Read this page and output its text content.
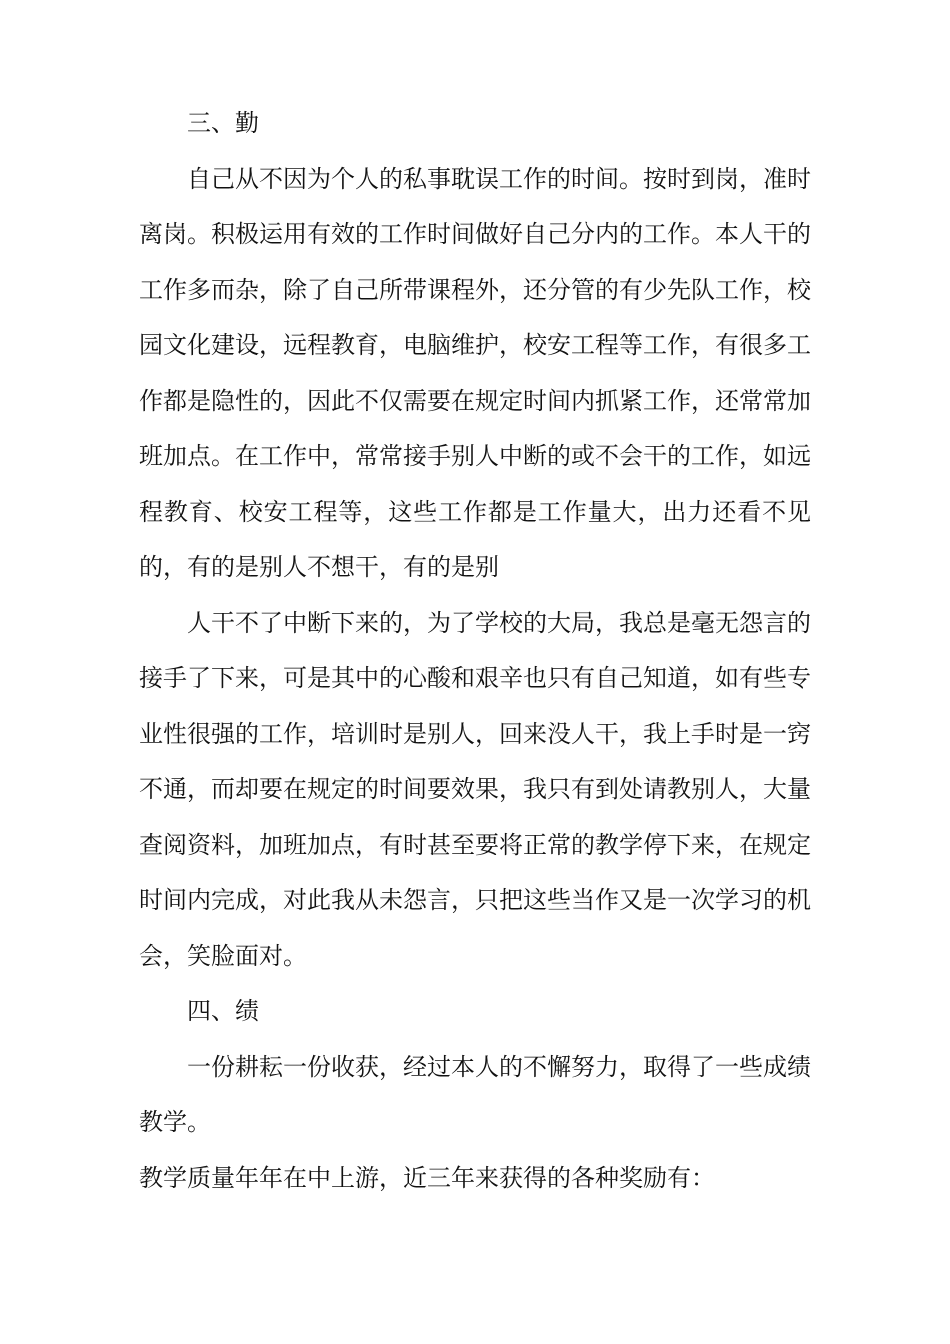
三、勤

自己从不因为个人的私事耽误工作的时间。按时到岗，准时离岗。积极运用有效的工作时间做好自己分内的工作。本人干的工作多而杂，除了自己所带课程外，还分管的有少先队工作，校园文化建设，远程教育，电脑维护，校安工程等工作，有很多工作都是隐性的，因此不仅需要在规定时间内抓紧工作，还常常加班加点。在工作中，常常接手别人中断的或不会干的工作，如远程教育、校安工程等，这些工作都是工作量大，出力还看不见的，有的是别人不想干，有的是别

人干不了中断下来的，为了学校的大局，我总是毫无怨言的接手了下来，可是其中的心酸和艰辛也只有自己知道，如有些专业性很强的工作，培训时是别人，回来没人干，我上手时是一窍不通，而却要在规定的时间要效果，我只有到处请教别人，大量查阅资料，加班加点，有时甚至要将正常的教学停下来，在规定时间内完成，对此我从未怨言，只把这些当作又是一次学习的机会，笑脸面对。

四、绩

一份耕耘一份收获，经过本人的不懈努力，取得了一些成绩教学。

教学质量年年在中上游，近三年来获得的各种奖励有：
